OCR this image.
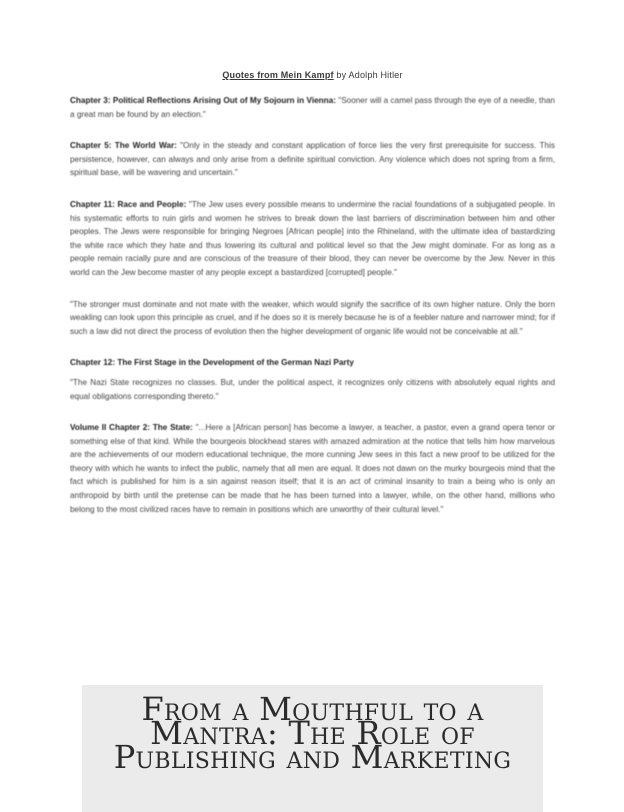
Quotes from Mein Kampf by Adolph Hitler

Chapter 3: Political Reflections Arising Out of My Sojourn in Vienna: "Sooner will a camel pass through the eye of a needle, than a great man be found by an election."

Chapter 5: The World War: "Only in the steady and constant application of force lies the very first prerequisite for success. This persistence, however, can always and only arise from a definite spiritual conviction. Any violence which does not spring from a firm, spiritual base, will be wavering and uncertain."

Chapter 11: Race and People: "The Jew uses every possible means to undermine the racial foundations of a subjugated people. In his systematic efforts to ruin girls and women he strives to break down the last barriers of discrimination between him and other peoples. The Jews were responsible for bringing Negroes [African people] into the Rhineland, with the ultimate idea of bastardizing the white race which they hate and thus lowering its cultural and political level so that the Jew might dominate. For as long as a people remain racially pure and are conscious of the treasure of their blood, they can never be overcome by the Jew. Never in this world can the Jew become master of any people except a bastardized [corrupted] people."

"The stronger must dominate and not mate with the weaker, which would signify the sacrifice of its own higher nature. Only the born weakling can look upon this principle as cruel, and if he does so it is merely because he is of a feebler nature and narrower mind; for if such a law did not direct the process of evolution then the higher development of organic life would not be conceivable at all."

Chapter 12: The First Stage in the Development of the German Nazi Party

"The Nazi State recognizes no classes. But, under the political aspect, it recognizes only citizens with absolutely equal rights and equal obligations corresponding thereto."

Volume II Chapter 2: The State: "...Here a [African person] has become a lawyer, a teacher, a pastor, even a grand opera tenor or something else of that kind. While the bourgeois blockhead stares with amazed admiration at the notice that tells him how marvelous are the achievements of our modern educational technique, the more cunning Jew sees in this fact a new proof to be utilized for the theory with which he wants to infect the public, namely that all men are equal. It does not dawn on the murky bourgeois mind that the fact which is published for him is a sin against reason itself; that it is an act of criminal insanity to train a being who is only an anthropoid by birth until the pretense can be made that he has been turned into a lawyer, while, on the other hand, millions who belong to the most civilized races have to remain in positions which are unworthy of their cultural level."

From a Mouthful to a Mantra: The Role of Publishing and Marketing
